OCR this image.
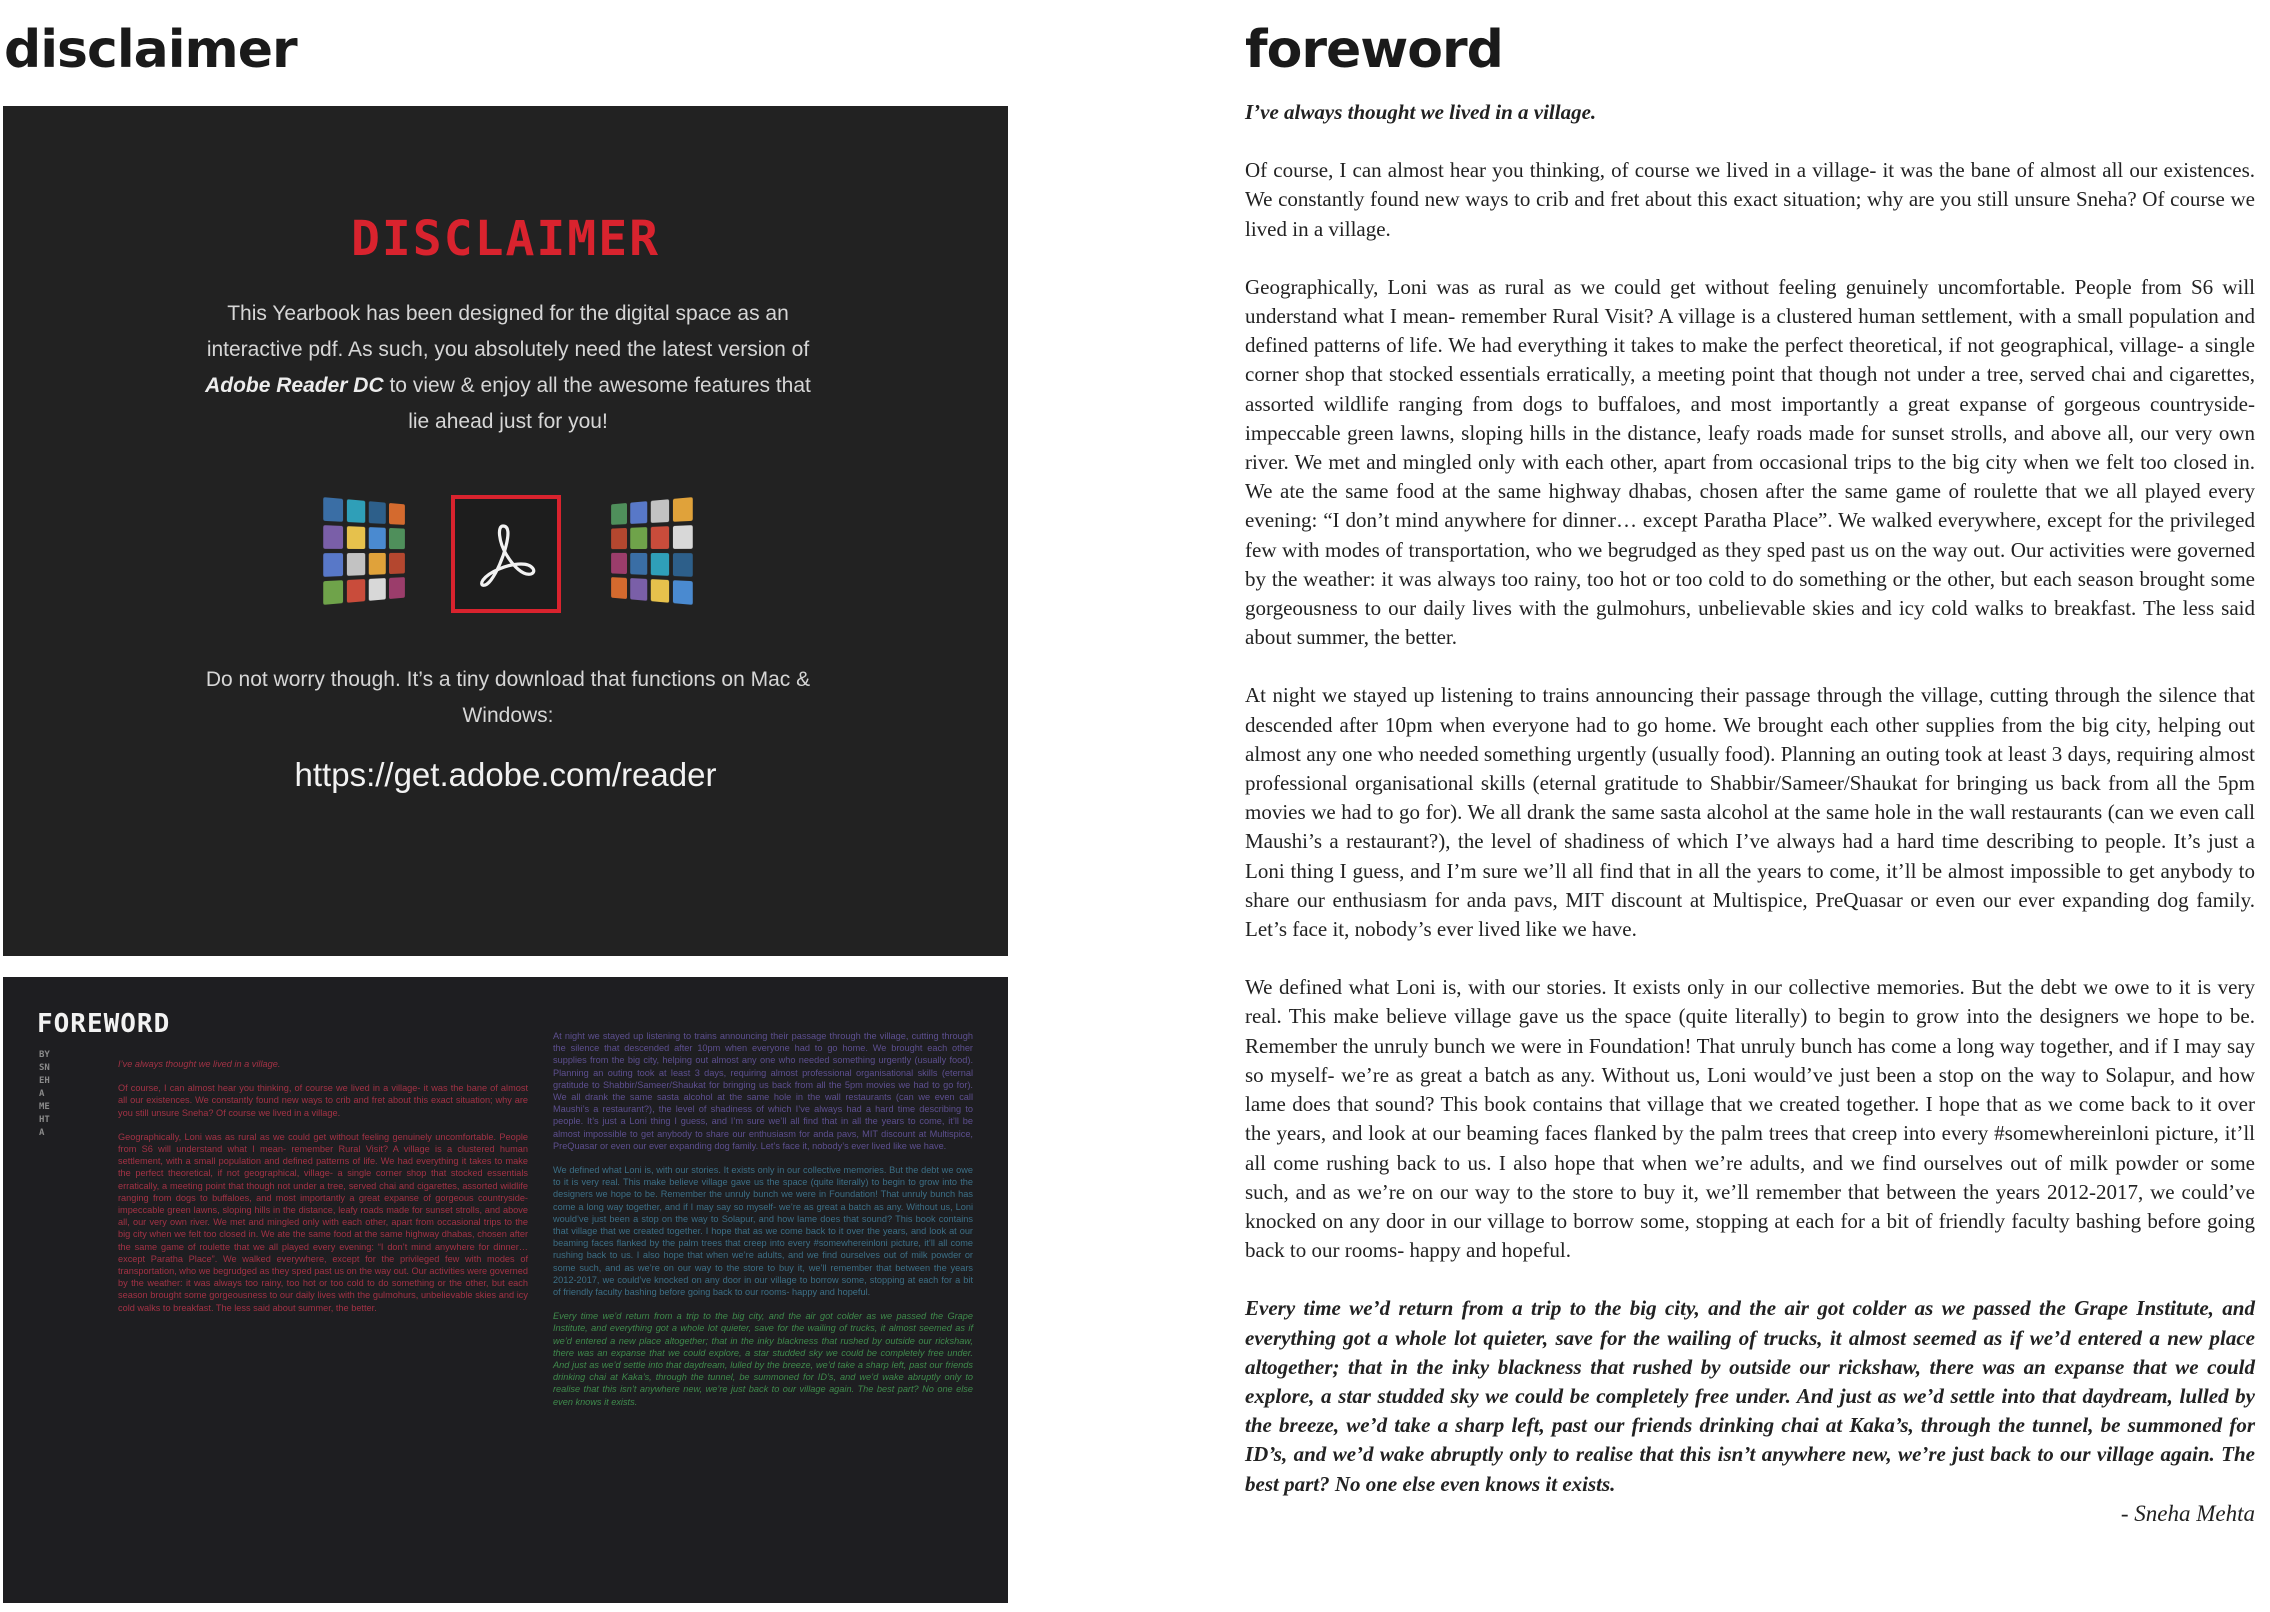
disclaimer	foreword
DISCLAIMER
This Yearbook has been designed for the digital space as an interactive pdf. As such, you absolutely need the latest version of Adobe Reader DC to view & enjoy all the awesome features that lie ahead just for you!
Do not worry though. It’s a tiny download that functions on Mac & Windows:
https://get.adobe.com/reader
FOREWORD
BY SNEHA MEHTA

I’ve always thought we lived in a village.

Of course, I can almost hear you thinking, of course we lived in a village- it was the bane of almost all our existences. We constantly found new ways to crib and fret about this exact situation; why are you still unsure Sneha? Of course we lived in a village.

Geographically, Loni was as rural as we could get without feeling genuinely uncomfortable. People from S6 will understand what I mean- remember Rural Visit? A village is a clustered human settlement, with a small population and defined patterns of life. We had everything it takes to make the perfect theoretical, if not geographical, village- a single corner shop that stocked essentials erratically, a meeting point that though not under a tree, served chai and cigarettes, assorted wildlife ranging from dogs to buffaloes, and most importantly a great expanse of gorgeous countryside- impeccable green lawns, sloping hills in the distance, leafy roads made for sunset strolls, and above all, our very own river. We met and mingled only with each other, apart from occasional trips to the big city when we felt too closed in. We ate the same food at the same highway dhabas, chosen after the same game of roulette that we all played every evening: “I don’t mind anywhere for dinner… except Paratha Place”. We walked everywhere, except for the privileged few with modes of transportation, who we begrudged as they sped past us on the way out. Our activities were governed by the weather: it was always too rainy, too hot or too cold to do something or the other, but each season brought some gorgeousness to our daily lives with the gulmohurs, unbelievable skies and icy cold walks to breakfast. The less said about summer, the better.

At night we stayed up listening to trains announcing their passage through the village, cutting through the silence that descended after 10pm when everyone had to go home. We brought each other supplies from the big city, helping out almost any one who needed something urgently (usually food). Planning an outing took at least 3 days, requiring almost professional organisational skills (eternal gratitude to Shabbir/Sameer/Shaukat for bringing us back from all the 5pm movies we had to go for). We all drank the same sasta alcohol at the same hole in the wall restaurants (can we even call Maushi’s a restaurant?), the level of shadiness of which I’ve always had a hard time describing to people. It’s just a Loni thing I guess, and I’m sure we’ll all find that in all the years to come, it’ll be almost impossible to get anybody to share our enthusiasm for anda pavs, MIT discount at Multispice, PreQuasar or even our ever expanding dog family. Let’s face it, nobody’s ever lived like we have.

We defined what Loni is, with our stories. It exists only in our collective memories. But the debt we owe to it is very real. This make believe village gave us the space (quite literally) to begin to grow into the designers we hope to be. Remember the unruly bunch we were in Foundation! That unruly bunch has come a long way together, and if I may say so myself- we’re as great a batch as any. Without us, Loni would’ve just been a stop on the way to Solapur, and how lame does that sound? This book contains that village that we created together. I hope that as we come back to it over the years, and look at our beaming faces flanked by the palm trees that creep into every #somewhereinloni picture, it’ll all come rushing back to us. I also hope that when we’re adults, and we find ourselves out of milk powder or some such, and as we’re on our way to the store to buy it, we’ll remember that between the years 2012-2017, we could’ve knocked on any door in our village to borrow some, stopping at each for a bit of friendly faculty bashing before going back to our rooms- happy and hopeful.

Every time we’d return from a trip to the big city, and the air got colder as we passed the Grape Institute, and everything got a whole lot quieter, save for the wailing of trucks, it almost seemed as if we’d entered a new place altogether; that in the inky blackness that rushed by outside our rickshaw, there was an expanse that we could explore, a star studded sky we could be completely free under. And just as we’d settle into that daydream, lulled by the breeze, we’d take a sharp left, past our friends drinking chai at Kaka’s, through the tunnel, be summoned for ID’s, and we’d wake abruptly only to realise that this isn’t anywhere new, we’re just back to our village again. The best part? No one else even knows it exists.

I’ve always thought we lived in a village.

Of course, I can almost hear you thinking, of course we lived in a village- it was the bane of almost all our existences. We constantly found new ways to crib and fret about this exact situation; why are you still unsure Sneha? Of course we lived in a village.

Geographically, Loni was as rural as we could get without feeling genuinely uncomfortable. People from S6 will understand what I mean- remember Rural Visit? A village is a clustered human settlement, with a small population and defined patterns of life. We had everything it takes to make the perfect theoretical, if not geographical, village- a single corner shop that stocked essentials erratically, a meeting point that though not under a tree, served chai and cigarettes, assorted wildlife ranging from dogs to buffaloes, and most importantly a great expanse of gorgeous countryside- impeccable green lawns, sloping hills in the distance, leafy roads made for sunset strolls, and above all, our very own river. We met and mingled only with each other, apart from occasional trips to the big city when we felt too closed in. We ate the same food at the same highway dhabas, chosen after the same game of roulette that we all played every evening: “I don’t mind anywhere for dinner… except Paratha Place”. We walked everywhere, except for the privileged few with modes of transportation, who we begrudged as they sped past us on the way out. Our activities were governed by the weather: it was always too rainy, too hot or too cold to do something or the other, but each season brought some gorgeousness to our daily lives with the gulmohurs, unbelievable skies and icy cold walks to breakfast. The less said about summer, the better.

At night we stayed up listening to trains announcing their passage through the village, cutting through the silence that descended after 10pm when everyone had to go home. We brought each other supplies from the big city, helping out almost any one who needed something urgently (usually food). Planning an outing took at least 3 days, requiring almost professional organisational skills (eternal gratitude to Shabbir/Sameer/Shaukat for bringing us back from all the 5pm movies we had to go for). We all drank the same sasta alcohol at the same hole in the wall restaurants (can we even call Maushi’s a restaurant?), the level of shadiness of which I’ve always had a hard time describing to people. It’s just a Loni thing I guess, and I’m sure we’ll all find that in all the years to come, it’ll be almost impossible to get anybody to share our enthusiasm for anda pavs, MIT discount at Multispice, PreQuasar or even our ever expanding dog family. Let’s face it, nobody’s ever lived like we have.

We defined what Loni is, with our stories. It exists only in our collective memories. But the debt we owe to it is very real. This make believe village gave us the space (quite literally) to begin to grow into the designers we hope to be. Remember the unruly bunch we were in Foundation! That unruly bunch has come a long way together, and if I may say so myself- we’re as great a batch as any. Without us, Loni would’ve just been a stop on the way to Solapur, and how lame does that sound? This book contains that village that we created together. I hope that as we come back to it over the years, and look at our beaming faces flanked by the palm trees that creep into every #somewhereinloni picture, it’ll all come rushing back to us. I also hope that when we’re adults, and we find ourselves out of milk powder or some such, and as we’re on our way to the store to buy it, we’ll remember that between the years 2012-2017, we could’ve knocked on any door in our village to borrow some, stopping at each for a bit of friendly faculty bashing before going back to our rooms- happy and hopeful.

Every time we’d return from a trip to the big city, and the air got colder as we passed the Grape Institute, and everything got a whole lot quieter, save for the wailing of trucks, it almost seemed as if we’d entered a new place altogether; that in the inky blackness that rushed by outside our rickshaw, there was an expanse that we could explore, a star studded sky we could be completely free under. And just as we’d settle into that daydream, lulled by the breeze, we’d take a sharp left, past our friends drinking chai at Kaka’s, through the tunnel, be summoned for ID’s, and we’d wake abruptly only to realise that this isn’t anywhere new, we’re just back to our village again. The best part? No one else even knows it exists.

- Sneha Mehta
